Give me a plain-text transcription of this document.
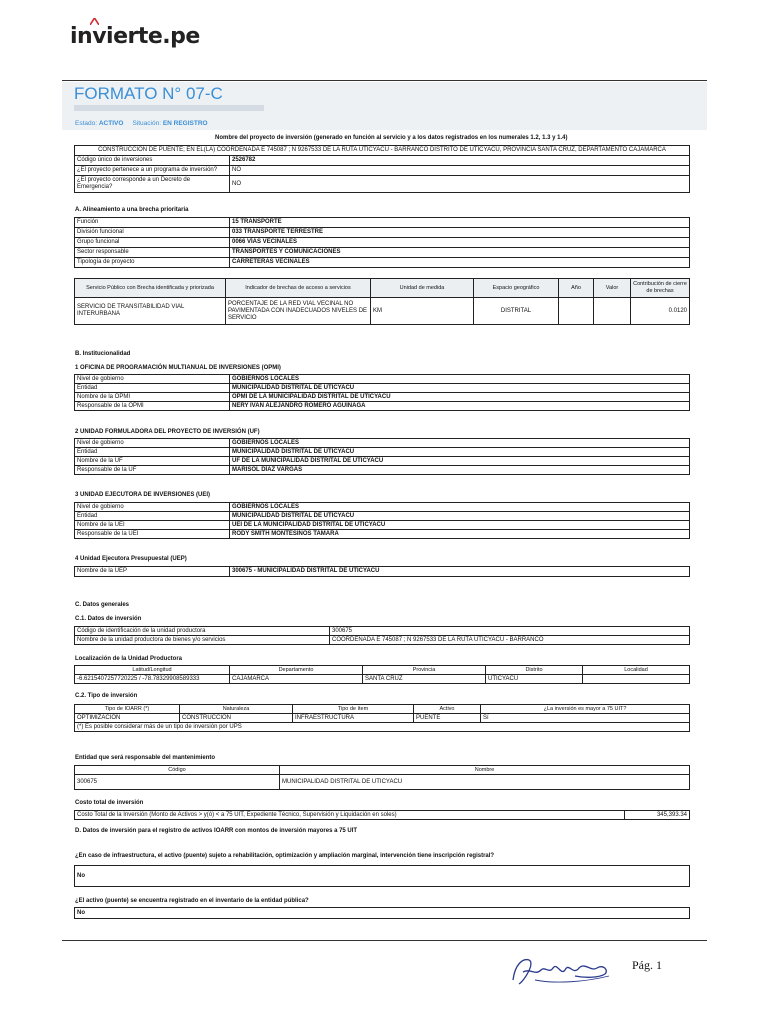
invierte.pe
FORMATO N° 07-C
Estado: ACTIVO Situación: EN REGISTRO
Nombre del proyecto de inversión (generado en función al servicio y a los datos registrados en los numerales 1.2, 1.3 y 1.4)
CONSTRUCCION DE PUENTE; EN EL(LA) COORDENADA E 745087 ; N 9267533 DE LA RUTA UTICYACU - BARRANCO DISTRITO DE UTICYACU, PROVINCIA SANTA CRUZ, DEPARTAMENTO CAJAMARCA	
Código único de inversiones	2526782
¿El proyecto pertenece a un programa de inversión?	NO
¿El proyecto corresponde a un Decreto de Emergencia?	NO
A. Alineamiento a una brecha prioritaria
Función	15 TRANSPORTE
División funcional	033 TRANSPORTE TERRESTRE
Grupo funcional	0066 VÍAS VECINALES
Sector responsable	TRANSPORTES Y COMUNICACIONES
Tipología de proyecto	CARRETERAS VECINALES
Servicio Público con Brecha identificada y priorizada	Indicador de brechas de acceso a servicios	Unidad de medida	Espacio geográfico	Año	Valor	Contribución de cierre de brechas
SERVICIO DE TRANSITABILIDAD VIAL INTERURBANA	PORCENTAJE DE LA RED VIAL VECINAL NO PAVIMENTADA CON INADECUADOS NIVELES DE SERVICIO	KM	DISTRITAL			0.0120
B. Institucionalidad
1 OFICINA DE PROGRAMACIÓN MULTIANUAL DE INVERSIONES (OPMI)
Nivel de gobierno	GOBIERNOS LOCALES
Entidad	MUNICIPALIDAD DISTRITAL DE UTICYACU
Nombre de la OPMI	OPMI DE LA MUNICIPALIDAD DISTRITAL DE UTICYACU
Responsable de la OPMI	NERY IVAN ALEJANDRO ROMERO AGUINAGA
2 UNIDAD FORMULADORA DEL PROYECTO DE INVERSIÓN (UF)
Nivel de gobierno	GOBIERNOS LOCALES
Entidad	MUNICIPALIDAD DISTRITAL DE UTICYACU
Nombre de la UF	UF DE LA MUNICIPALIDAD DISTRITAL DE UTICYACU
Responsable de la UF	MARISOL DÍAZ VARGAS
3 UNIDAD EJECUTORA DE INVERSIONES (UEI)
Nivel de gobierno	GOBIERNOS LOCALES
Entidad	MUNICIPALIDAD DISTRITAL DE UTICYACU
Nombre de la UEI	UEI DE LA MUNICIPALIDAD DISTRITAL DE UTICYACU
Responsable de la UEI	RODY SMITH MONTESINOS TAMARA
4 Unidad Ejecutora Presupuestal (UEP)
Nombre de la UEP	300675 - MUNICIPALIDAD DISTRITAL DE UTICYACU
C. Datos generales
C.1. Datos de inversión
Código de identificación de la unidad productora	300675
Nombre de la unidad productora de bienes y/o servicios	COORDENADA E 745087 ; N 9267533 DE LA RUTA UTICYACU - BARRANCO
Localización de la Unidad Productora
Latitud/Longitud	Departamento	Provincia	Distrito	Localidad
-6.6215407257720225 / -78.78329908589333	CAJAMARCA	SANTA CRUZ	UTICYACU	
C.2. Tipo de inversión
Tipo de IOARR (*)	Naturaleza	Tipo de ítem	Activo	¿La inversión es mayor a 75 UIT?
OPTIMIZACION	CONSTRUCCION	INFRAESTRUCTURA	PUENTE	Sí
(*) Es posible considerar más de un tipo de inversión por UPS				
Entidad que será responsable del mantenimiento
Código	Nombre
300675	MUNICIPALIDAD DISTRITAL DE UTICYACU
Costo total de inversión
Costo Total de la Inversión (Monto de Activos > y(ó) < a 75 UIT, Expediente Técnico, Supervisión y Liquidación en soles)	345,393.34
D. Datos de inversión para el registro de activos IOARR con montos de inversión mayores a 75 UIT
¿En caso de infraestructura, el activo (puente) sujeto a rehabilitación, optimización y ampliación marginal, intervención tiene inscripción registral?
No
¿El activo (puente) se encuentra registrado en el inventario de la entidad pública?
No
Pág. 1
